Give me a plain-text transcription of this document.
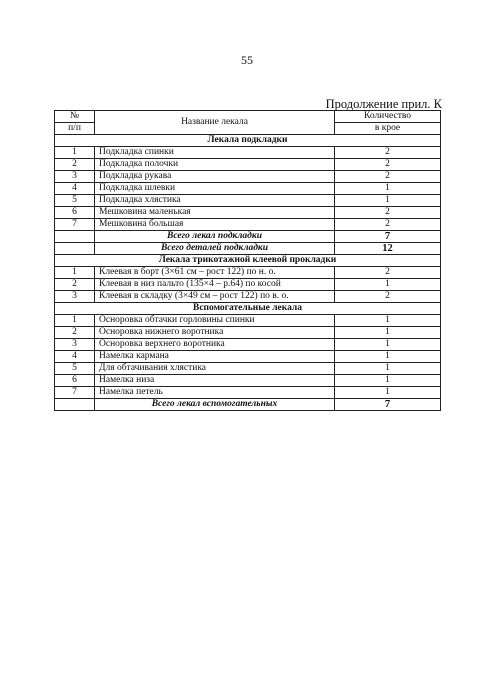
55
Продолжение прил. К
№	Название лекала	Количество
п/п		в крое
Лекала подкладки		
1	Подкладка спинки	2
2	Подкладка полочки	2
3	Подкладка рукава	2
4	Подкладка шлевки	1
5	Подкладка хлястика	1
6	Мешковина маленькая	2
7	Мешковина большая	2
	Всего лекал подкладки	7
	Всего деталей подкладки	12
Лекала трикотажной клеевой прокладки		
1	Клеевая в борт (3×61 см – рост 122) по н. о.	2
2	Клеевая в низ пальто (135×4 – р.64) по косой	1
3	Клеевая в складку (3×49 см – рост 122) по в. о.	2
Вспомогательные лекала		
1	Оснoровка обтачки горловины спинки	1
2	Оснoровка нижнего воротника	1
3	Оснoровка верхнего воротника	1
4	Намелка кармана	1
5	Для обтачивания хлястика	1
6	Намелка низа	1
7	Намелка петель	1
	Всего лекал вспомогательных	7
